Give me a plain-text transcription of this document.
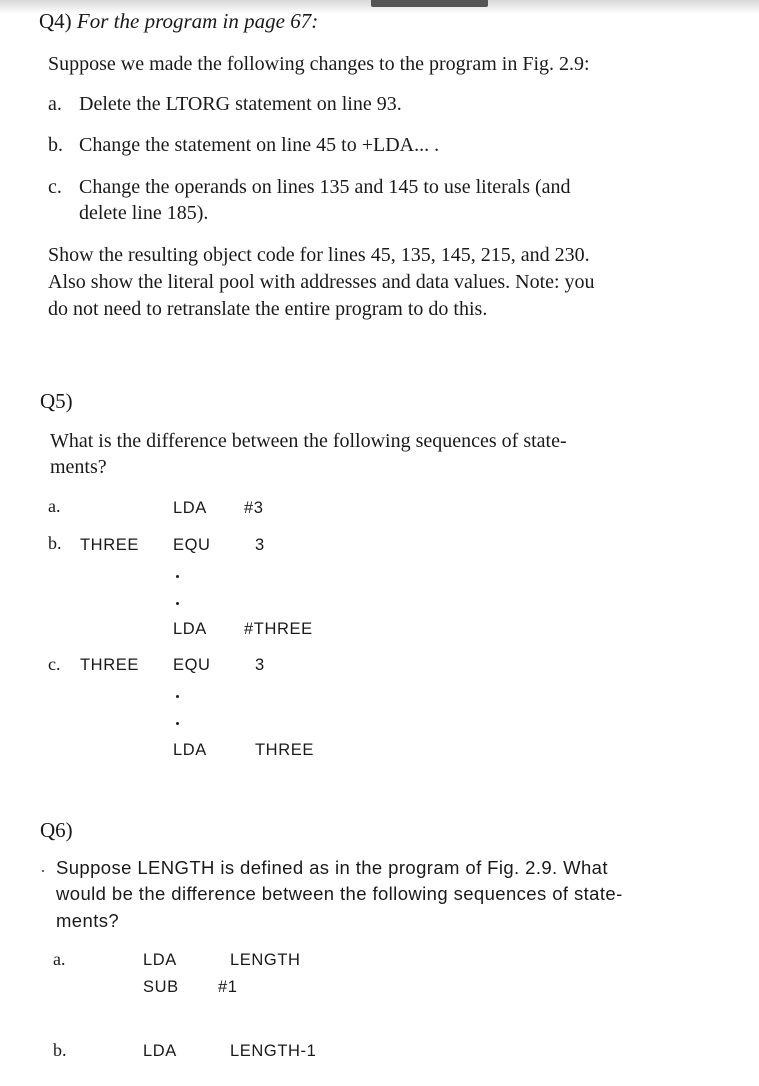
Q4) For the program in page 67:
Suppose we made the following changes to the program in Fig. 2.9:
a. Delete the LTORG statement on line 93.
b. Change the statement on line 45 to +LDA... .
c. Change the operands on lines 135 and 145 to use literals (and
delete line 185).
Show the resulting object code for lines 45, 135, 145, 215, and 230.
Also show the literal pool with addresses and data values. Note: you
do not need to retranslate the entire program to do this.
Q5)
What is the difference between the following sequences of state-
ments?
a.	LDA #3
b. THREE EQU	3
LDA #THREE
c. THREE EQU	3
LDA	THREE
Q6)
Suppose LENGTH is defined as in the program of Fig. 2.9. What
would be the difference between the following sequences of state-
ments?
a.	LDA	LENGTH
SUB #1
b.	LDA	LENGTH-1
